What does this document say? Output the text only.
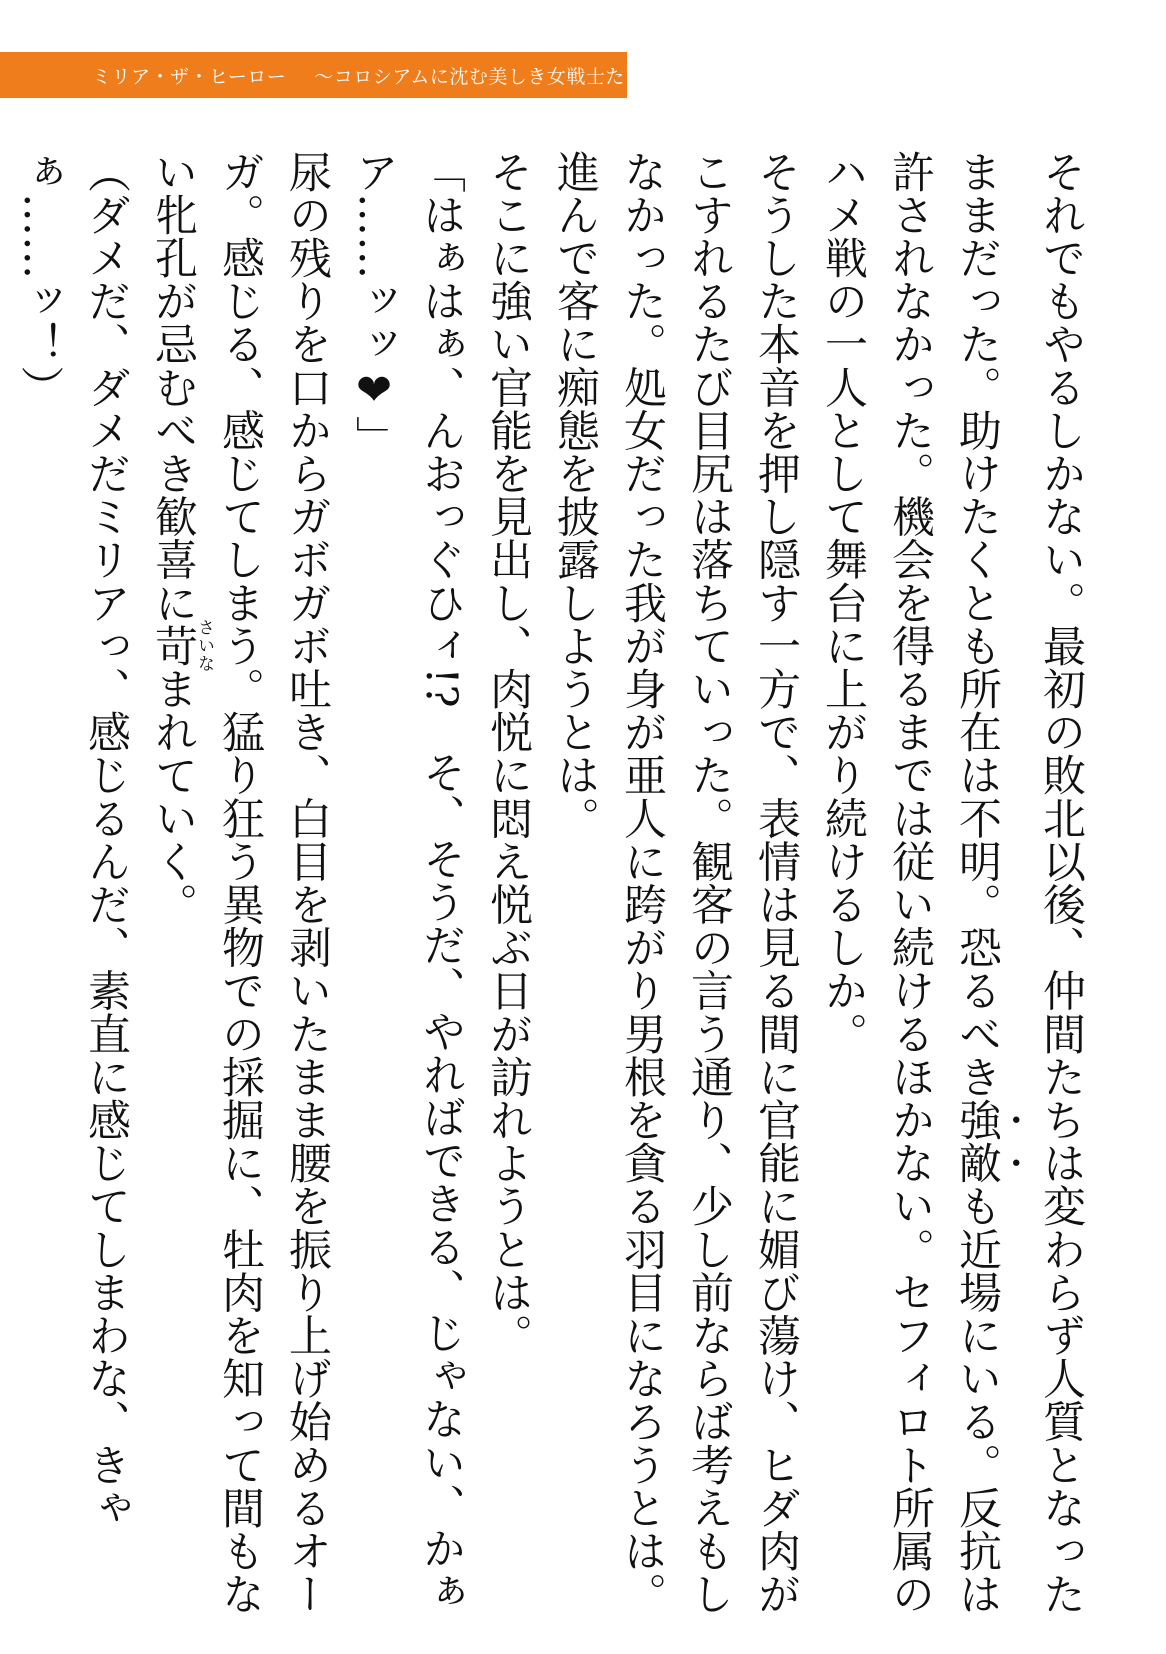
ミリア・ザ・ヒーロー 〜コロシアムに沈む美しき女戦士たち〜

それでもやるしかない。最初の敗北以後、仲間たちは変わらず人質となったままだった。助けたくとも所在は不明。恐るべき強敵も近場にいる。反抗は許されなかった。機会を得るまでは従い続けるほかない。セフィロト所属のハメ戦の一人として舞台に上がり続けるしか。

そうした本音を押し隠す一方で、表情は見る間に官能に媚び蕩け、ヒダ肉がこすれるたび目尻は落ちていった。観客の言う通り、少し前ならば考えもしなかった。処女だった我が身が亜人に跨がり男根を貪る羽目になろうとは。進んで客に痴態を披露しようとは。

そこに強い官能を見出し、肉悦に悶え悦ぶ日が訪れようとは。

「はぁはぁ、んおっぐひィ!?　そ、そうだ、やればできる、じゃない、かぁア……ッッ❤」

尿の残りを口からガボガボ吐き、白目を剥いたまま腰を振り上げ始めるオーガ。感じる、感じてしまう。猛り狂う異物での採掘に、牡肉を知って間もない牝孔が忌むべき歓喜に苛さいなまれていく。

（ダメだ、ダメだミリアっ、感じるんだ、素直に感じてしまわな、きゃぁ……ッ！）
